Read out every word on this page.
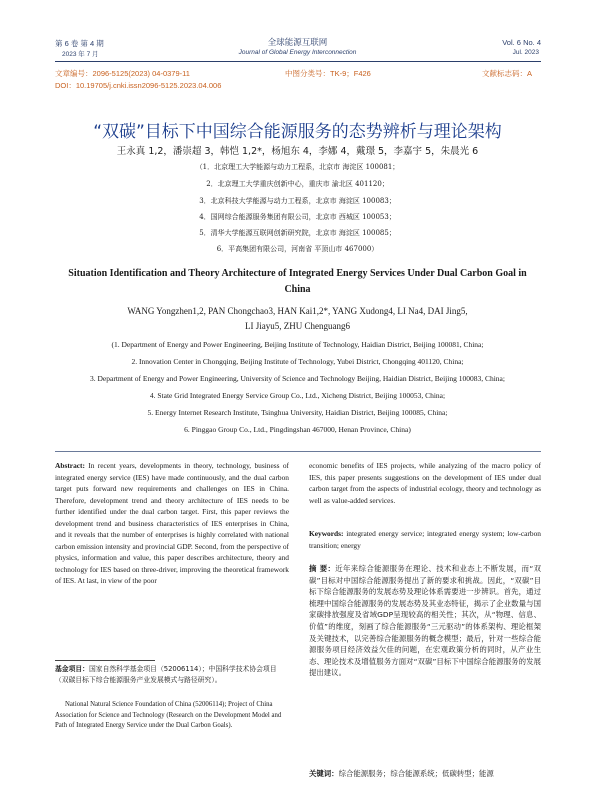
第 6 卷 第 4 期
2023 年 7 月
全球能源互联网
Journal of Global Energy Interconnection
Vol. 6 No. 4
Jul. 2023
文章编号：2096-5125(2023) 04-0379-11
DOI：10.19705/j.cnki.issn2096-5125.2023.04.006
中图分类号：TK-9；F426	文献标志码：A
“双碳”目标下中国综合能源服务的态势辨析与理论架构
王永真 1,2，潘崇超 3，韩恺 1,2*，杨旭东 4，李娜 4，戴璟 5，李嘉宇 5，朱晨光 6
（1．北京理工大学能源与动力工程系，北京市 海淀区 100081；
2．北京理工大学重庆创新中心，重庆市 渝北区 401120；
3．北京科技大学能源与动力工程系，北京市 海淀区 100083；
4．国网综合能源服务集团有限公司，北京市 西城区 100053；
5．清华大学能源互联网创新研究院，北京市 海淀区 100085；
6．平高集团有限公司，河南省 平顶山市 467000）
Situation Identification and Theory Architecture of Integrated Energy Services Under Dual Carbon Goal in China
WANG Yongzhen1,2, PAN Chongchao3, HAN Kai1,2*, YANG Xudong4, LI Na4, DAI Jing5,
LI Jiayu5, ZHU Chenguang6
(1. Department of Energy and Power Engineering, Beijing Institute of Technology, Haidian District, Beijing 100081, China;
2. Innovation Center in Chongqing, Beijing Institute of Technology, Yubei District, Chongqing 401120, China;
3. Department of Energy and Power Engineering, University of Science and Technology Beijing, Haidian District, Beijing 100083, China;
4. State Grid Integrated Energy Service Group Co., Ltd., Xicheng District, Beijing 100053, China;
5. Energy Internet Research Institute, Tsinghua University, Haidian District, Beijing 100085, China;
6. Pinggao Group Co., Ltd., Pingdingshan 467000, Henan Province, China)
Abstract: In recent years, developments in theory, technology, business of integrated energy service (IES) have made continuously, and the dual carbon target puts forward new requirements and challenges on IES in China. Therefore, development trend and theory architecture of IES needs to be further identified under the dual carbon target. First, this paper reviews the development trend and business characteristics of IES enterprises in China, and it reveals that the number of enterprises is highly correlated with national carbon emission intensity and provincial GDP. Second, from the perspective of physics, information and value, this paper describes architecture, theory and technology for IES based on three-driver, improving the theoretical framework of IES. At last, in view of the poor
基金项目：国家自然科学基金项目（52006114）；中国科学技术协会项目（双碳目标下综合能源服务产业发展模式与路径研究）。
National Natural Science Foundation of China (52006114); Project of China Association for Science and Technology (Research on the Development Model and Path of Integrated Energy Service under the Dual Carbon Goals).
economic benefits of IES projects, while analyzing of the macro policy of IES, this paper presents suggestions on the development of IES under dual carbon target from the aspects of industrial ecology, theory and technology as well as value-added services.
Keywords: integrated energy service; integrated energy system; low-carbon transition; energy
摘 要：近年来综合能源服务在理论、技术和业态上不断发展，而“双碳”目标对中国综合能源服务提出了新的要求和挑战。因此，“双碳”目标下综合能源服务的发展态势及理论体系需要进一步辨识。首先，通过梳理中国综合能源服务的发展态势及其业态特征，揭示了企业数量与国家碳排放强度及省域GDP呈现较高的相关性；其次，从“物理、信息、价值”的维度，刻画了综合能源服务“三元驱动”的体系架构、理论框架及关键技术，以完善综合能源服务的概念模型；最后，针对一些综合能源服务项目经济效益欠佳的问题，在宏观政策分析的同时，从产业生态、理论技术及增值服务方面对“双碳”目标下中国综合能源服务的发展提出建议。
关键词：综合能源服务；综合能源系统；低碳转型；能源
